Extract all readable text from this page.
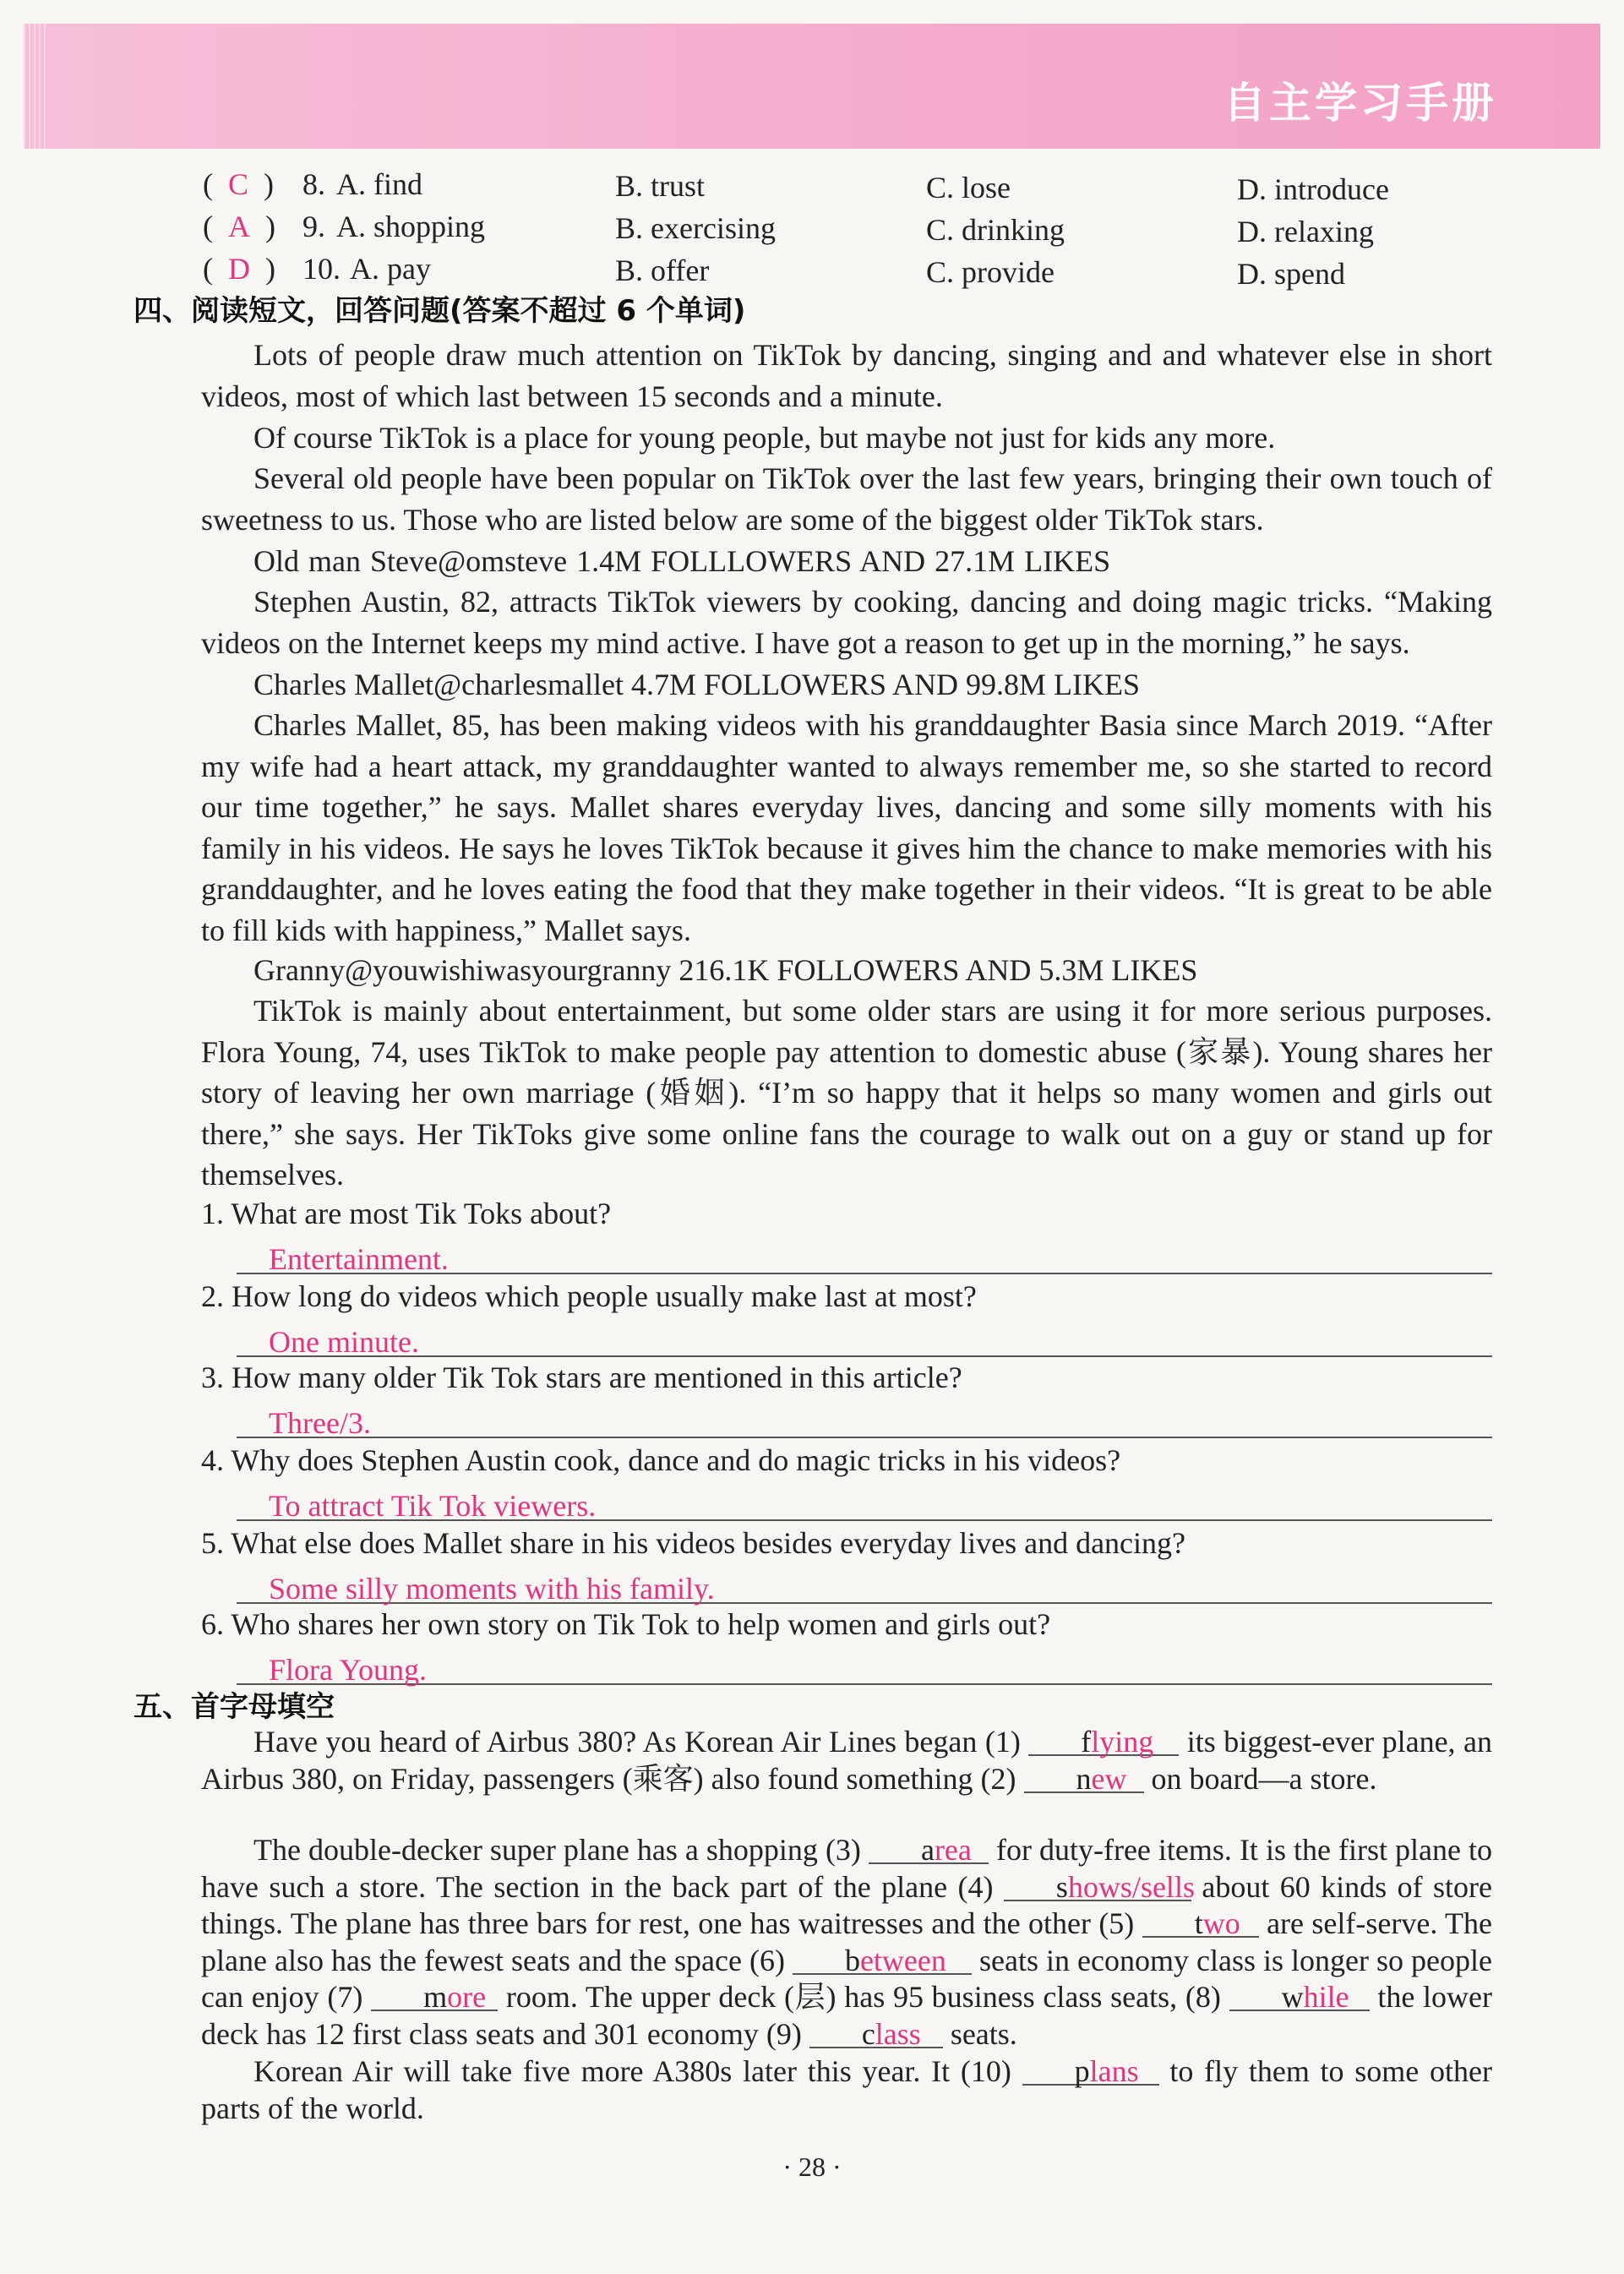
自主学习手册
(  C  ) 8. A. find	B. trust	C. lose	D. introduce
(  A  ) 9. A. shopping	B. exercising	C. drinking	D. relaxing
(  D  ) 10. A. pay	B. offer	C. provide	D. spend
四、阅读短文，回答问题(答案不超过 6 个单词)
Lots of people draw much attention on TikTok by dancing, singing and and whatever else in short videos, most of which last between 15 seconds and a minute.
Of course TikTok is a place for young people, but maybe not just for kids any more.
Several old people have been popular on TikTok over the last few years, bringing their own touch of sweetness to us. Those who are listed below are some of the biggest older TikTok stars.
Old man Steve@omsteve 1.4M FOLLLOWERS AND 27.1M LIKES
Stephen Austin, 82, attracts TikTok viewers by cooking, dancing and doing magic tricks. “Making videos on the Internet keeps my mind active. I have got a reason to get up in the morning,” he says.
Charles Mallet@charlesmallet 4.7M FOLLOWERS AND 99.8M LIKES
Charles Mallet, 85, has been making videos with his granddaughter Basia since March 2019. “After my wife had a heart attack, my granddaughter wanted to always remember me, so she started to record our time together,” he says. Mallet shares everyday lives, dancing and some silly moments with his family in his videos. He says he loves TikTok because it gives him the chance to make memories with his granddaughter, and he loves eating the food that they make together in their videos. “It is great to be able to fill kids with happiness,” Mallet says.
Granny@youwishiwasyourgranny 216.1K FOLLOWERS AND 5.3M LIKES
TikTok is mainly about entertainment, but some older stars are using it for more serious purposes. Flora Young, 74, uses TikTok to make people pay attention to domestic abuse (家暴). Young shares her story of leaving her own marriage (婚姻). “I’m so happy that it helps so many women and girls out there,” she says. Her TikToks give some online fans the courage to walk out on a guy or stand up for themselves.
1. What are most Tik Toks about?
Entertainment.
2. How long do videos which people usually make last at most?
One minute.
3. How many older Tik Tok stars are mentioned in this article?
Three/3.
4. Why does Stephen Austin cook, dance and do magic tricks in his videos?
To attract Tik Tok viewers.
5. What else does Mallet share in his videos besides everyday lives and dancing?
Some silly moments with his family.
6. Who shares her own story on Tik Tok to help women and girls out?
Flora Young.
五、首字母填空
Have you heard of Airbus 380? As Korean Air Lines began (1) flying its biggest-ever plane, an Airbus 380, on Friday, passengers (乘客) also found something (2) new on board—a store.
The double-decker super plane has a shopping (3) area for duty-free items. It is the first plane to have such a store. The section in the back part of the plane (4) shows/sells about 60 kinds of store things. The plane has three bars for rest, one has waitresses and the other (5) two are self-serve. The plane also has the fewest seats and the space (6) between seats in economy class is longer so people can enjoy (7) more room. The upper deck (层) has 95 business class seats, (8) while the lower deck has 12 first class seats and 301 economy (9) class seats.
Korean Air will take five more A380s later this year. It (10) plans to fly them to some other parts of the world.
· 28 ·
